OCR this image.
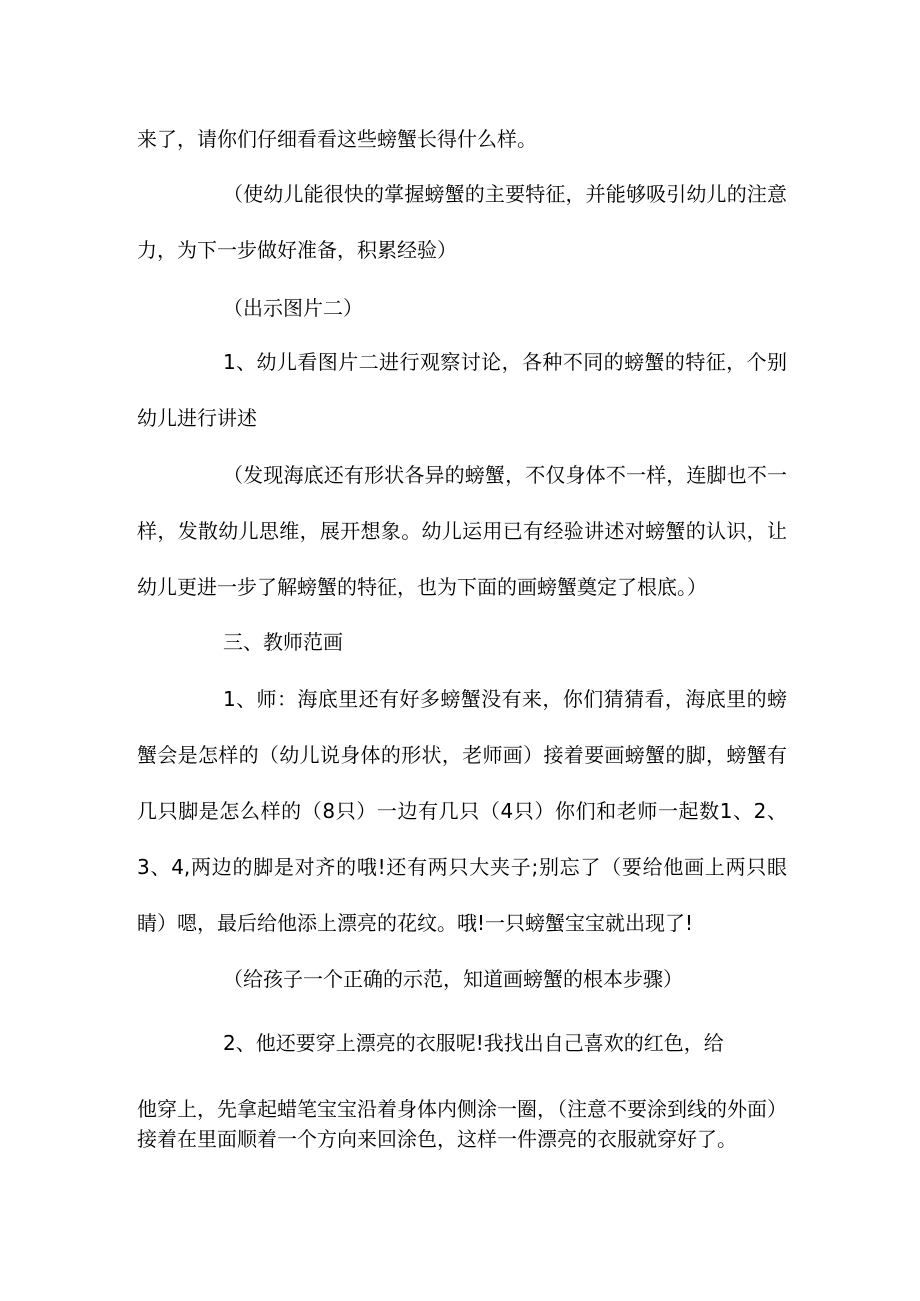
来了，请你们仔细看看这些螃蟹长得什么样。

（使幼儿能很快的掌握螃蟹的主要特征，并能够吸引幼儿的注意力，为下一步做好准备，积累经验）

（出示图片二）

1、幼儿看图片二进行观察讨论，各种不同的螃蟹的特征，个别幼儿进行讲述

（发现海底还有形状各异的螃蟹，不仅身体不一样，连脚也不一样，发散幼儿思维，展开想象。幼儿运用已有经验讲述对螃蟹的认识，让幼儿更进一步了解螃蟹的特征，也为下面的画螃蟹奠定了根底。）

三、教师范画

1、师：海底里还有好多螃蟹没有来，你们猜猜看，海底里的螃蟹会是怎样的（幼儿说身体的形状，老师画）接着要画螃蟹的脚，螃蟹有几只脚是怎么样的（8只）一边有几只（4只）你们和老师一起数1、2、3、4,两边的脚是对齐的哦!还有两只大夹子;别忘了（要给他画上两只眼睛）嗯，最后给他添上漂亮的花纹。哦!一只螃蟹宝宝就出现了!

（给孩子一个正确的示范，知道画螃蟹的根本步骤）

2、他还要穿上漂亮的衣服呢!我找出自己喜欢的红色，给

他穿上，先拿起蜡笔宝宝沿着身体内侧涂一圈，（注意不要涂到线的外面）接着在里面顺着一个方向来回涂色，这样一件漂亮的衣服就穿好了。
